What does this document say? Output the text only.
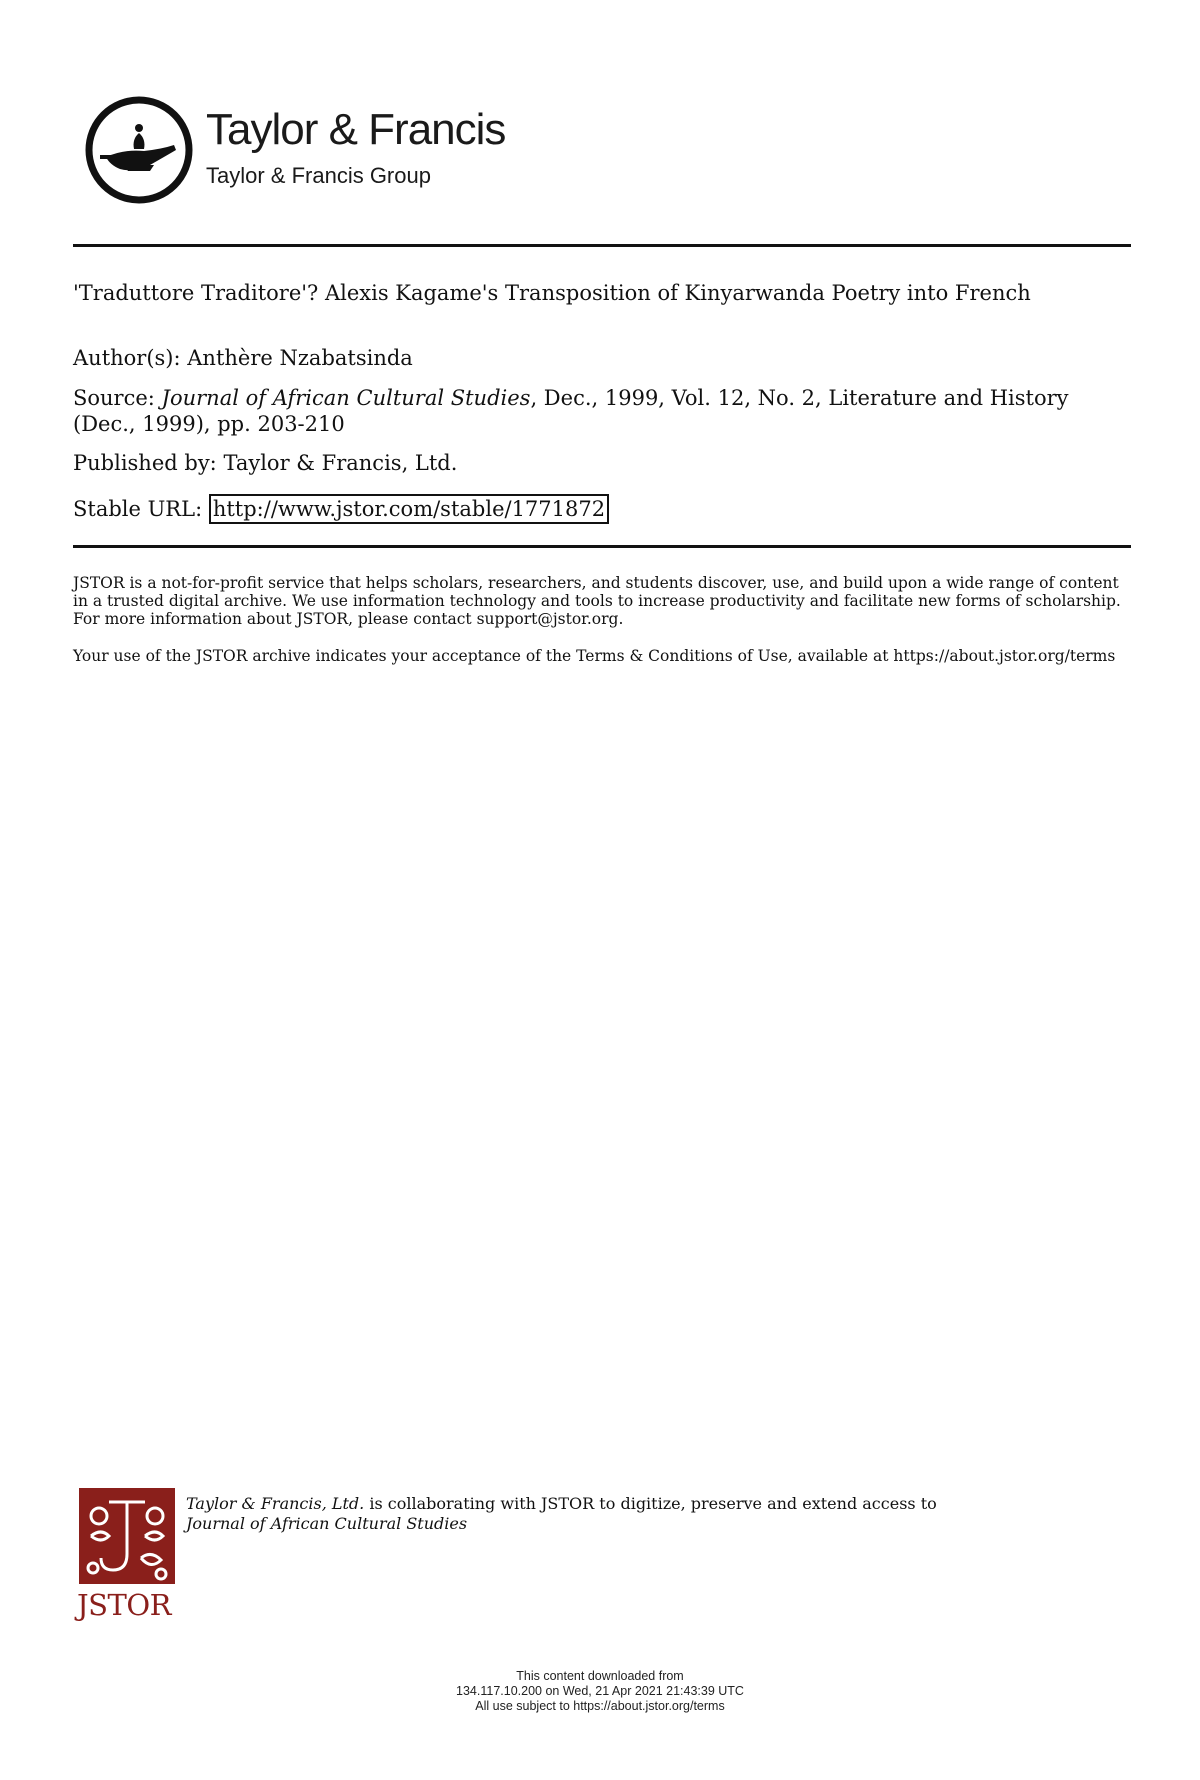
Taylor & Francis
Taylor & Francis Group

'Traduttore Traditore'? Alexis Kagame's Transposition of Kinyarwanda Poetry into French

Author(s): Anthère Nzabatsinda

Source: Journal of African Cultural Studies, Dec., 1999, Vol. 12, No. 2, Literature and History (Dec., 1999), pp. 203-210

Published by: Taylor & Francis, Ltd.

Stable URL: http://www.jstor.com/stable/1771872

JSTOR is a not-for-profit service that helps scholars, researchers, and students discover, use, and build upon a wide range of content in a trusted digital archive. We use information technology and tools to increase productivity and facilitate new forms of scholarship. For more information about JSTOR, please contact support@jstor.org.

Your use of the JSTOR archive indicates your acceptance of the Terms & Conditions of Use, available at https://about.jstor.org/terms

JSTOR

Taylor & Francis, Ltd. is collaborating with JSTOR to digitize, preserve and extend access to
Journal of African Cultural Studies

This content downloaded from
134.117.10.200 on Wed, 21 Apr 2021 21:43:39 UTC
All use subject to https://about.jstor.org/terms
